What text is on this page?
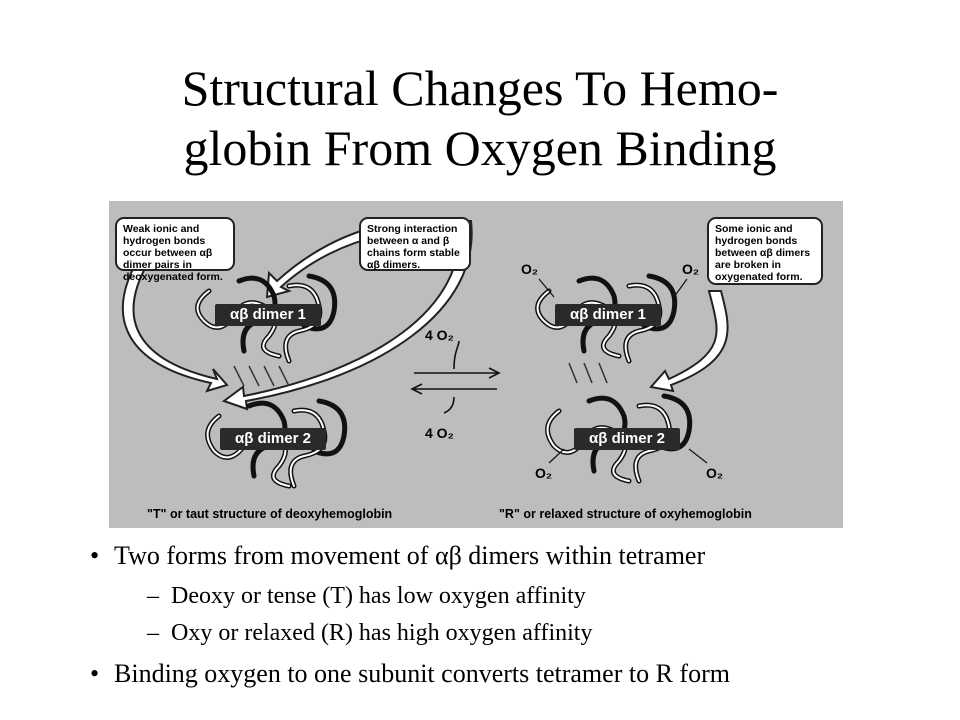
Structural Changes To Hemo-
globin From Oxygen Binding
Weak ionic and hydrogen bonds occur between αβ dimer pairs in deoxygenated form.
Strong interaction between α and β chains form stable αβ dimers.
Some ionic and hydrogen bonds between αβ dimers are broken in oxygenated form.
αβ dimer 1
αβ dimer 2
αβ dimer 1
αβ dimer 2
4 O₂
4 O₂
O₂	O₂
O₂	O₂
"T" or taut structure of deoxyhemoglobin	"R" or relaxed structure of oxyhemoglobin
• Two forms from movement of αβ dimers within tetramer
– Deoxy or tense (T) has low oxygen affinity
– Oxy or relaxed (R) has high oxygen affinity
• Binding oxygen to one subunit converts tetramer to R form
